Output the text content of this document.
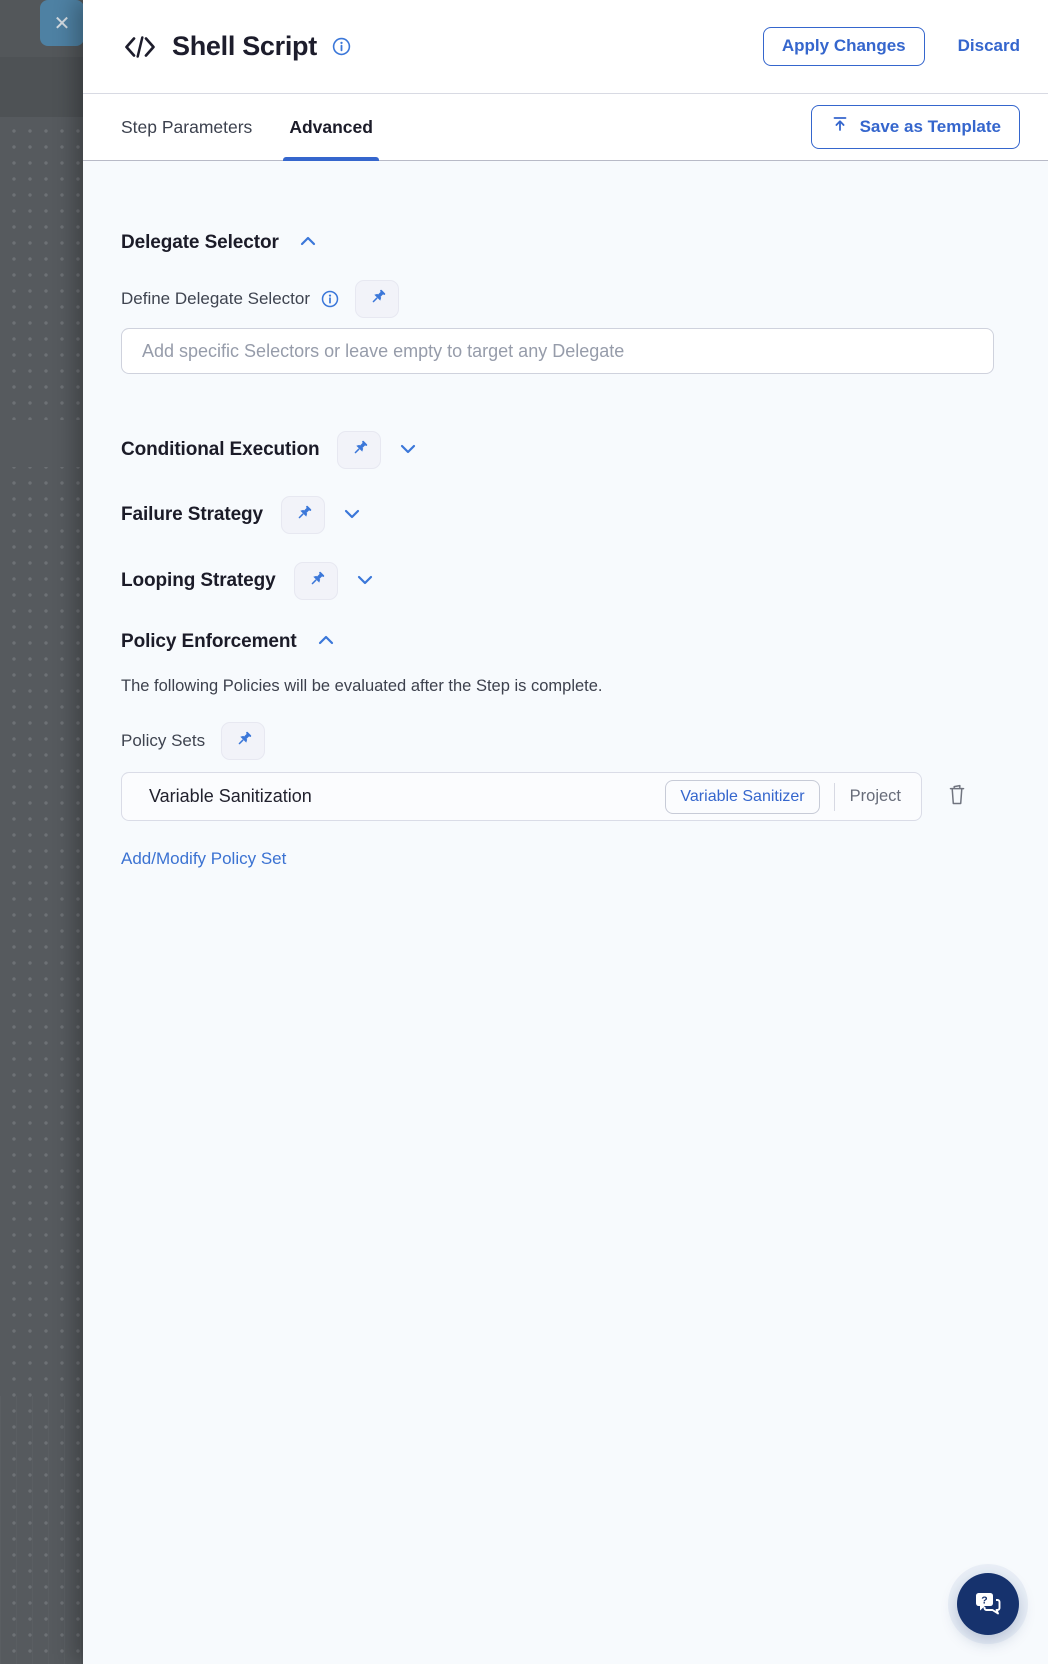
✕
Shell Script	Apply Changes	Discard
Step Parameters Advanced	Save as Template
Delegate Selector
Define Delegate Selector
Add specific Selectors or leave empty to target any Delegate
Conditional Execution
Failure Strategy
Looping Strategy
Policy Enforcement

The following Policies will be evaluated after the Step is complete.

Policy Sets
Variable Sanitization	Variable Sanitizer	Project
Add/Modify Policy Set
?
